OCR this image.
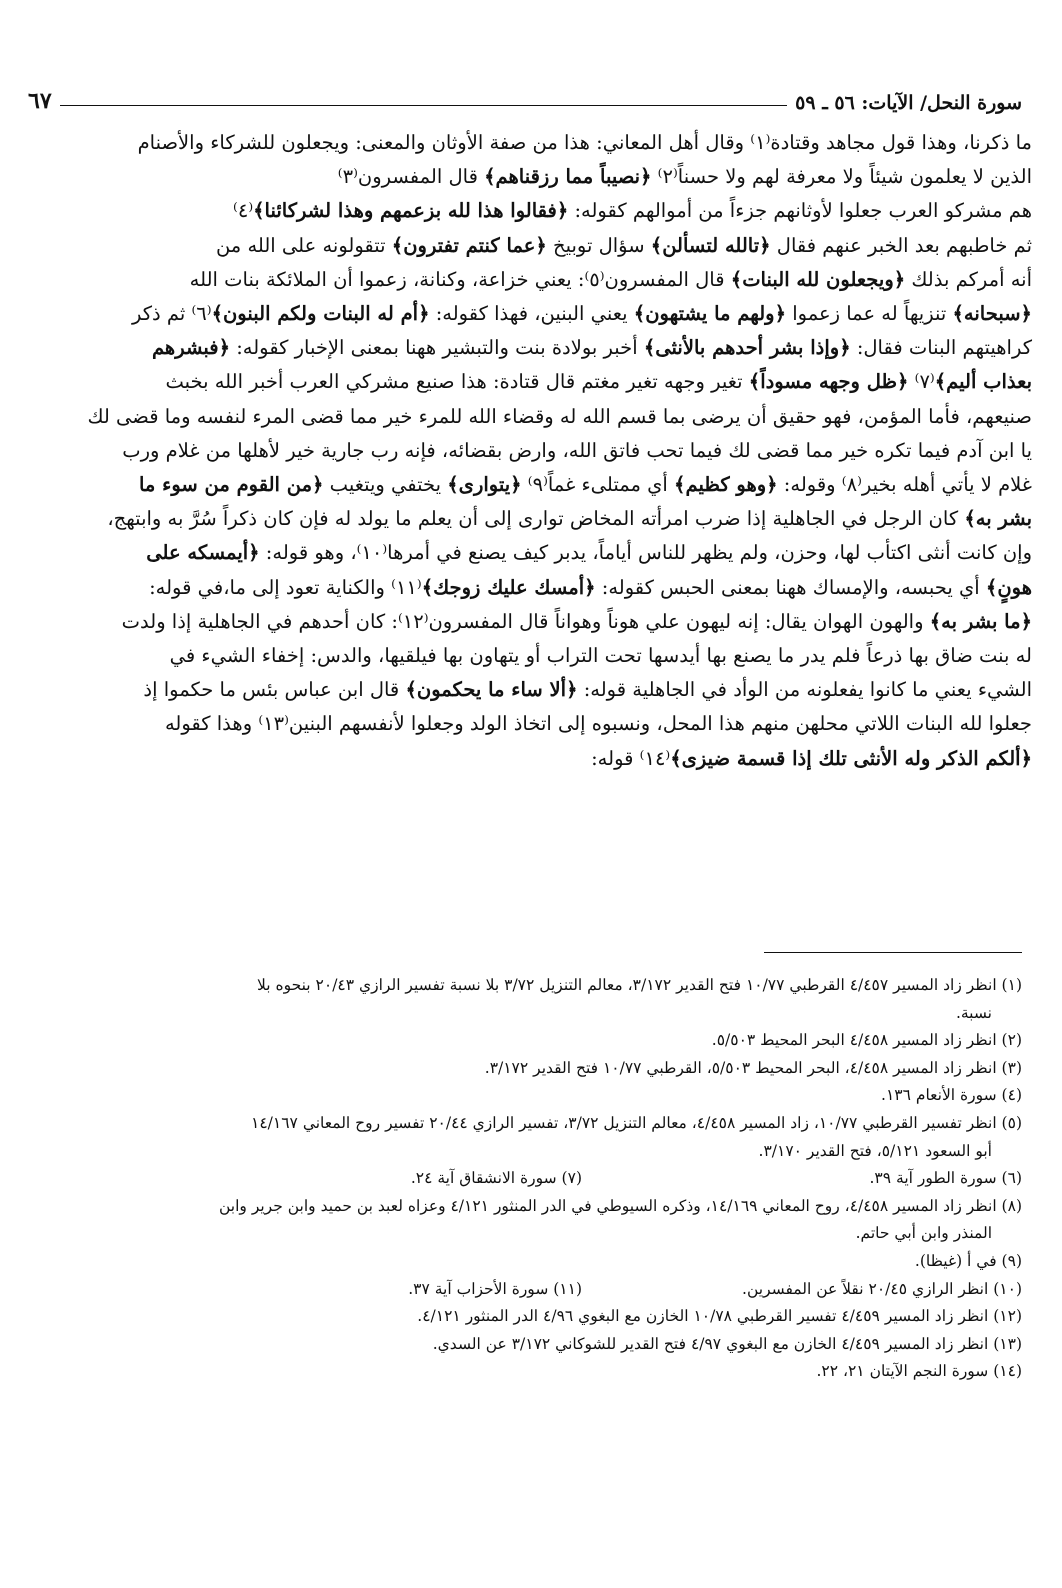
سورة النحل/ الآيات: ٥٦ ـ ٥٩
٦٧

ما ذكرنا، وهذا قول مجاهد وقتادة⁽١⁾ وقال أهل المعاني: هذا من صفة الأوثان والمعنى: ويجعلون للشركاء والأصنام

الذين لا يعلمون شيئاً ولا معرفة لهم ولا حسناً⁽٢⁾ ﴿نصيباً مما رزقناهم﴾ قال المفسرون⁽٣⁾

هم مشركو العرب جعلوا لأوثانهم جزءاً من أموالهم كقوله: ﴿فقالوا هذا لله بزعمهم وهذا لشركائنا﴾⁽٤⁾

ثم خاطبهم بعد الخبر عنهم فقال ﴿تالله لتسألن﴾ سؤال توبيخ ﴿عما كنتم تفترون﴾ تتقولونه على الله من

أنه أمركم بذلك ﴿ويجعلون لله البنات﴾ قال المفسرون⁽٥⁾: يعني خزاعة، وكنانة، زعموا أن الملائكة بنات الله

﴿سبحانه﴾ تنزيهاً له عما زعموا ﴿ولهم ما يشتهون﴾ يعني البنين، فهذا كقوله: ﴿أم له البنات ولكم البنون﴾⁽٦⁾ ثم ذكر

كراهيتهم البنات فقال: ﴿وإذا بشر أحدهم بالأنثى﴾ أخبر بولادة بنت والتبشير ههنا بمعنى الإخبار كقوله: ﴿فبشرهم

بعذاب أليم﴾⁽٧⁾ ﴿ظل وجهه مسوداً﴾ تغير وجهه تغير مغتم قال قتادة: هذا صنيع مشركي العرب أخبر الله بخبث

صنيعهم، فأما المؤمن، فهو حقيق أن يرضى بما قسم الله له وقضاء الله للمرء خير مما قضى المرء لنفسه وما قضى لك

يا ابن آدم فيما تكره خير مما قضى لك فيما تحب فاتق الله، وارض بقضائه، فإنه رب جارية خير لأهلها من غلام ورب

غلام لا يأتي أهله بخير⁽٨⁾ وقوله: ﴿وهو كظيم﴾ أي ممتلىء غماً⁽٩⁾ ﴿يتوارى﴾ يختفي ويتغيب ﴿من القوم من سوء ما

بشر به﴾ كان الرجل في الجاهلية إذا ضرب امرأته المخاض توارى إلى أن يعلم ما يولد له فإن كان ذكراً سُرَّ به وابتهج،

وإن كانت أنثى اكتأب لها، وحزن، ولم يظهر للناس أياماً، يدبر كيف يصنع في أمرها⁽١٠⁾، وهو قوله: ﴿أيمسكه على

هونٍ﴾ أي يحبسه، والإمساك ههنا بمعنى الحبس كقوله: ﴿أمسك عليك زوجك﴾⁽١١⁾ والكناية تعود إلى ما،في قوله:

﴿ما بشر به﴾ والهون الهوان يقال: إنه ليهون علي هوناً وهواناً قال المفسرون⁽١٢⁾: كان أحدهم في الجاهلية إذا ولدت

له بنت ضاق بها ذرعاً فلم يدر ما يصنع بها أيدسها تحت التراب أو يتهاون بها فيلقيها، والدس: إخفاء الشيء في

الشيء يعني ما كانوا يفعلونه من الوأد في الجاهلية قوله: ﴿ألا ساء ما يحكمون﴾ قال ابن عباس بئس ما حكموا إذ

جعلوا لله البنات اللاتي محلهن منهم هذا المحل، ونسبوه إلى اتخاذ الولد وجعلوا لأنفسهم البنين⁽١٣⁾ وهذا كقوله

﴿ألكم الذكر وله الأنثى تلك إذا قسمة ضيزى﴾⁽١٤⁾ قوله:

(١) انظر زاد المسير ٤/٤٥٧ القرطبي ١٠/٧٧ فتح القدير ٣/١٧٢، معالم التنزيل ٣/٧٢ بلا نسبة تفسير الرازي ٢٠/٤٣ بنحوه بلا

نسبة.

(٢) انظر زاد المسير ٤/٤٥٨ البحر المحيط ٥/٥٠٣.

(٣) انظر زاد المسير ٤/٤٥٨، البحر المحيط ٥/٥٠٣، القرطبي ١٠/٧٧ فتح القدير ٣/١٧٢.

(٤) سورة الأنعام ١٣٦.

(٥) انظر تفسير القرطبي ١٠/٧٧، زاد المسير ٤/٤٥٨، معالم التنزيل ٣/٧٢، تفسير الرازي ٢٠/٤٤ تفسير روح المعاني ١٤/١٦٧

أبو السعود ٥/١٢١، فتح القدير ٣/١٧٠.

(٦) سورة الطور آية ٣٩.
(٧) سورة الانشقاق آية ٢٤.

(٨) انظر زاد المسير ٤/٤٥٨، روح المعاني ١٤/١٦٩، وذكره السيوطي في الدر المنثور ٤/١٢١ وعزاه لعبد بن حميد وابن جرير وابن

المنذر وابن أبي حاتم.

(٩) في أ (غيظا).

(١٠) انظر الرازي ٢٠/٤٥ نقلاً عن المفسرين.
(١١) سورة الأحزاب آية ٣٧.

(١٢) انظر زاد المسير ٤/٤٥٩ تفسير القرطبي ١٠/٧٨ الخازن مع البغوي ٤/٩٦ الدر المنثور ٤/١٢١.

(١٣) انظر زاد المسير ٤/٤٥٩ الخازن مع البغوي ٤/٩٧ فتح القدير للشوكاني ٣/١٧٢ عن السدي.

(١٤) سورة النجم الآيتان ٢١، ٢٢.
